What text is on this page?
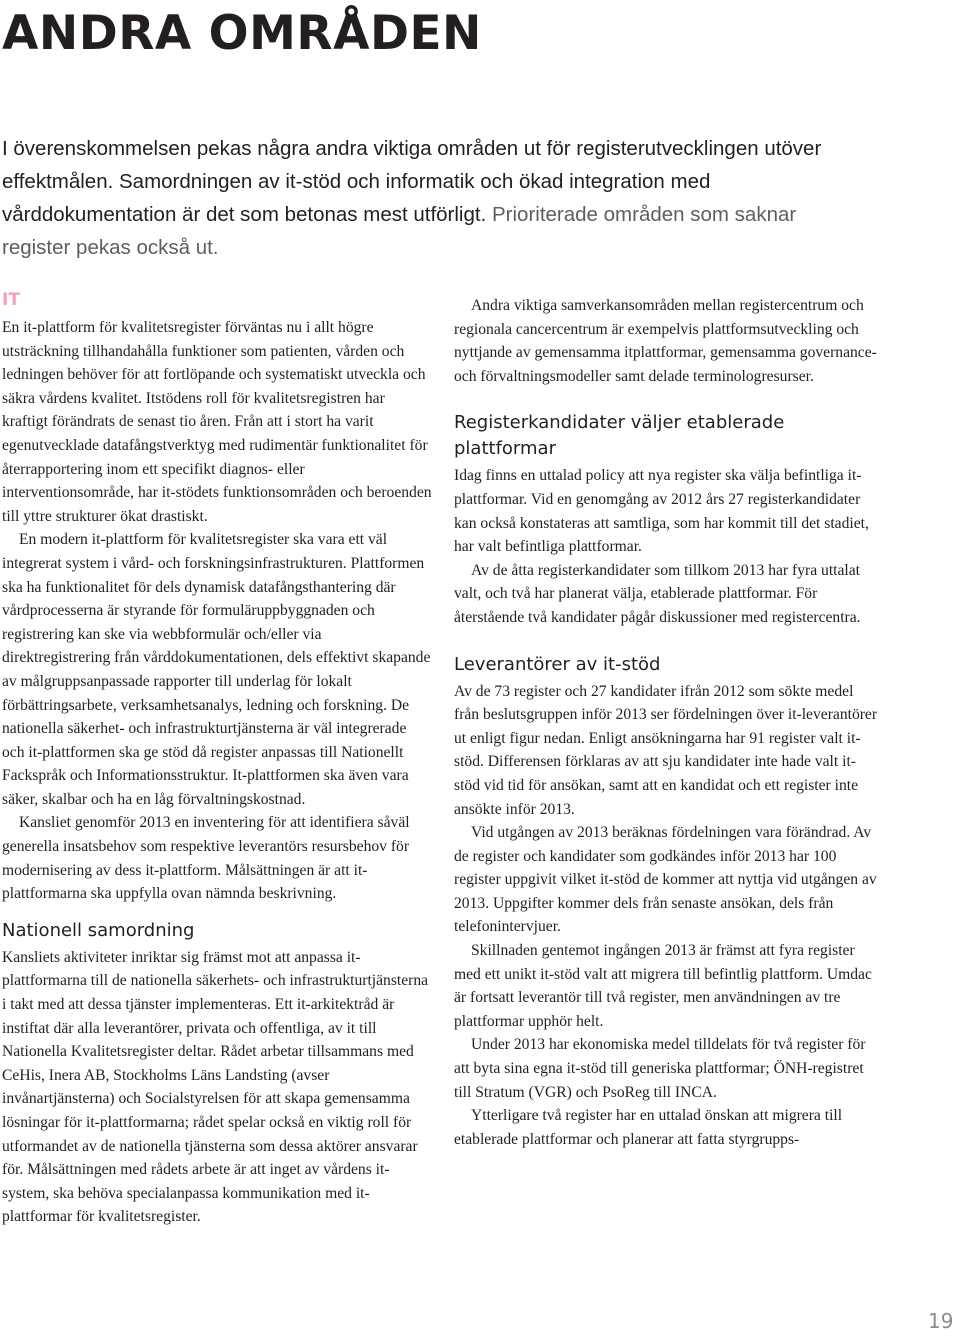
ANDRA OMRÅDEN

I överenskommelsen pekas några andra viktiga områden ut för registerutvecklingen utöver effektmålen. Samordningen av it-stöd och informatik och ökad integration med vårddokumentation är det som betonas mest utförligt. Prioriterade områden som saknar register pekas också ut.

IT

En it-plattform för kvalitetsregister förväntas nu i allt högre utsträckning tillhandahålla funktioner som patienten, vården och ledningen behöver för att fortlöpande och systematiskt utveckla och säkra vårdens kvalitet. Itstödens roll för kvalitetsregistren har kraftigt förändrats de senast tio åren. Från att i stort ha varit egenutvecklade datafångstverktyg med rudimentär funktionalitet för återrapportering inom ett specifikt diagnos- eller interventionsområde, har it-stödets funktionsområden och beroenden till yttre strukturer ökat drastiskt.

En modern it-plattform för kvalitetsregister ska vara ett väl integrerat system i vård- och forskningsinfrastrukturen. Plattformen ska ha funktionalitet för dels dynamisk datafångsthantering där vårdprocesserna är styrande för formuläruppbyggnaden och registrering kan ske via webbformulär och/eller via direktregistrering från vårddokumentationen, dels effektivt skapande av målgruppsanpassade rapporter till underlag för lokalt förbättringsarbete, verksamhetsanalys, ledning och forskning. De nationella säkerhet- och infrastrukturtjänsterna är väl integrerade och it-plattformen ska ge stöd då register anpassas till Nationellt Fackspråk och Informationsstruktur. It-plattformen ska även vara säker, skalbar och ha en låg förvaltningskostnad.

Kansliet genomför 2013 en inventering för att identifiera såväl generella insatsbehov som respektive leverantörs resursbehov för modernisering av dess it-plattform. Målsättningen är att it-plattformarna ska uppfylla ovan nämnda beskrivning.

Nationell samordning

Kansliets aktiviteter inriktar sig främst mot att anpassa it-plattformarna till de nationella säkerhets- och infrastrukturtjänsterna i takt med att dessa tjänster implementeras. Ett it-arkitektråd är instiftat där alla leverantörer, privata och offentliga, av it till Nationella Kvalitetsregister deltar. Rådet arbetar tillsammans med CeHis, Inera AB, Stockholms Läns Landsting (avser invånartjänsterna) och Socialstyrelsen för att skapa gemensamma lösningar för it-plattformarna; rådet spelar också en viktig roll för utformandet av de nationella tjänsterna som dessa aktörer ansvarar för. Målsättningen med rådets arbete är att inget av vårdens it-system, ska behöva specialanpassa kommunikation med it-plattformar för kvalitetsregister.

Andra viktiga samverkansområden mellan registercentrum och regionala cancercentrum är exempelvis plattformsutveckling och nyttjande av gemensamma itplattformar, gemensamma governance- och förvaltningsmodeller samt delade terminologresurser.

Registerkandidater väljer etablerade plattformar

Idag finns en uttalad policy att nya register ska välja befintliga it-plattformar. Vid en genomgång av 2012 års 27 registerkandidater kan också konstateras att samtliga, som har kommit till det stadiet, har valt befintliga plattformar.

Av de åtta registerkandidater som tillkom 2013 har fyra uttalat valt, och två har planerat välja, etablerade plattformar. För återstående två kandidater pågår diskussioner med registercentra.

Leverantörer av it-stöd

Av de 73 register och 27 kandidater ifrån 2012 som sökte medel från beslutsgruppen inför 2013 ser fördelningen över it-leverantörer ut enligt figur nedan. Enligt ansökningarna har 91 register valt it-stöd. Differensen förklaras av att sju kandidater inte hade valt it-stöd vid tid för ansökan, samt att en kandidat och ett register inte ansökte inför 2013.

Vid utgången av 2013 beräknas fördelningen vara förändrad. Av de register och kandidater som godkändes inför 2013 har 100 register uppgivit vilket it-stöd de kommer att nyttja vid utgången av 2013. Uppgifter kommer dels från senaste ansökan, dels från telefonintervjuer.

Skillnaden gentemot ingången 2013 är främst att fyra register med ett unikt it-stöd valt att migrera till befintlig plattform. Umdac är fortsatt leverantör till två register, men användningen av tre plattformar upphör helt.

Under 2013 har ekonomiska medel tilldelats för två register för att byta sina egna it-stöd till generiska plattformar; ÖNH-registret till Stratum (VGR) och PsoReg till INCA.

Ytterligare två register har en uttalad önskan att migrera till etablerade plattformar och planerar att fatta styrgrupps-

19
